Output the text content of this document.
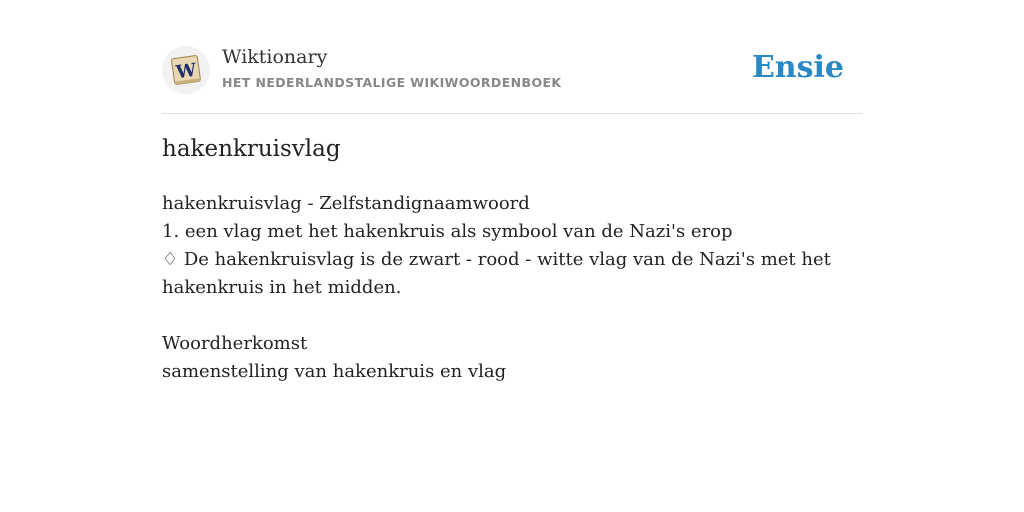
W
Wiktionary
HET NEDERLANDSTALIGE WIKIWOORDENBOEK	Ensie
hakenkruisvlag
hakenkruisvlag - Zelfstandignaamwoord
1. een vlag met het hakenkruis als symbool van de Nazi's erop
♢ De hakenkruisvlag is de zwart - rood - witte vlag van de Nazi's met het hakenkruis in het midden.
Woordherkomst
samenstelling van hakenkruis en vlag
